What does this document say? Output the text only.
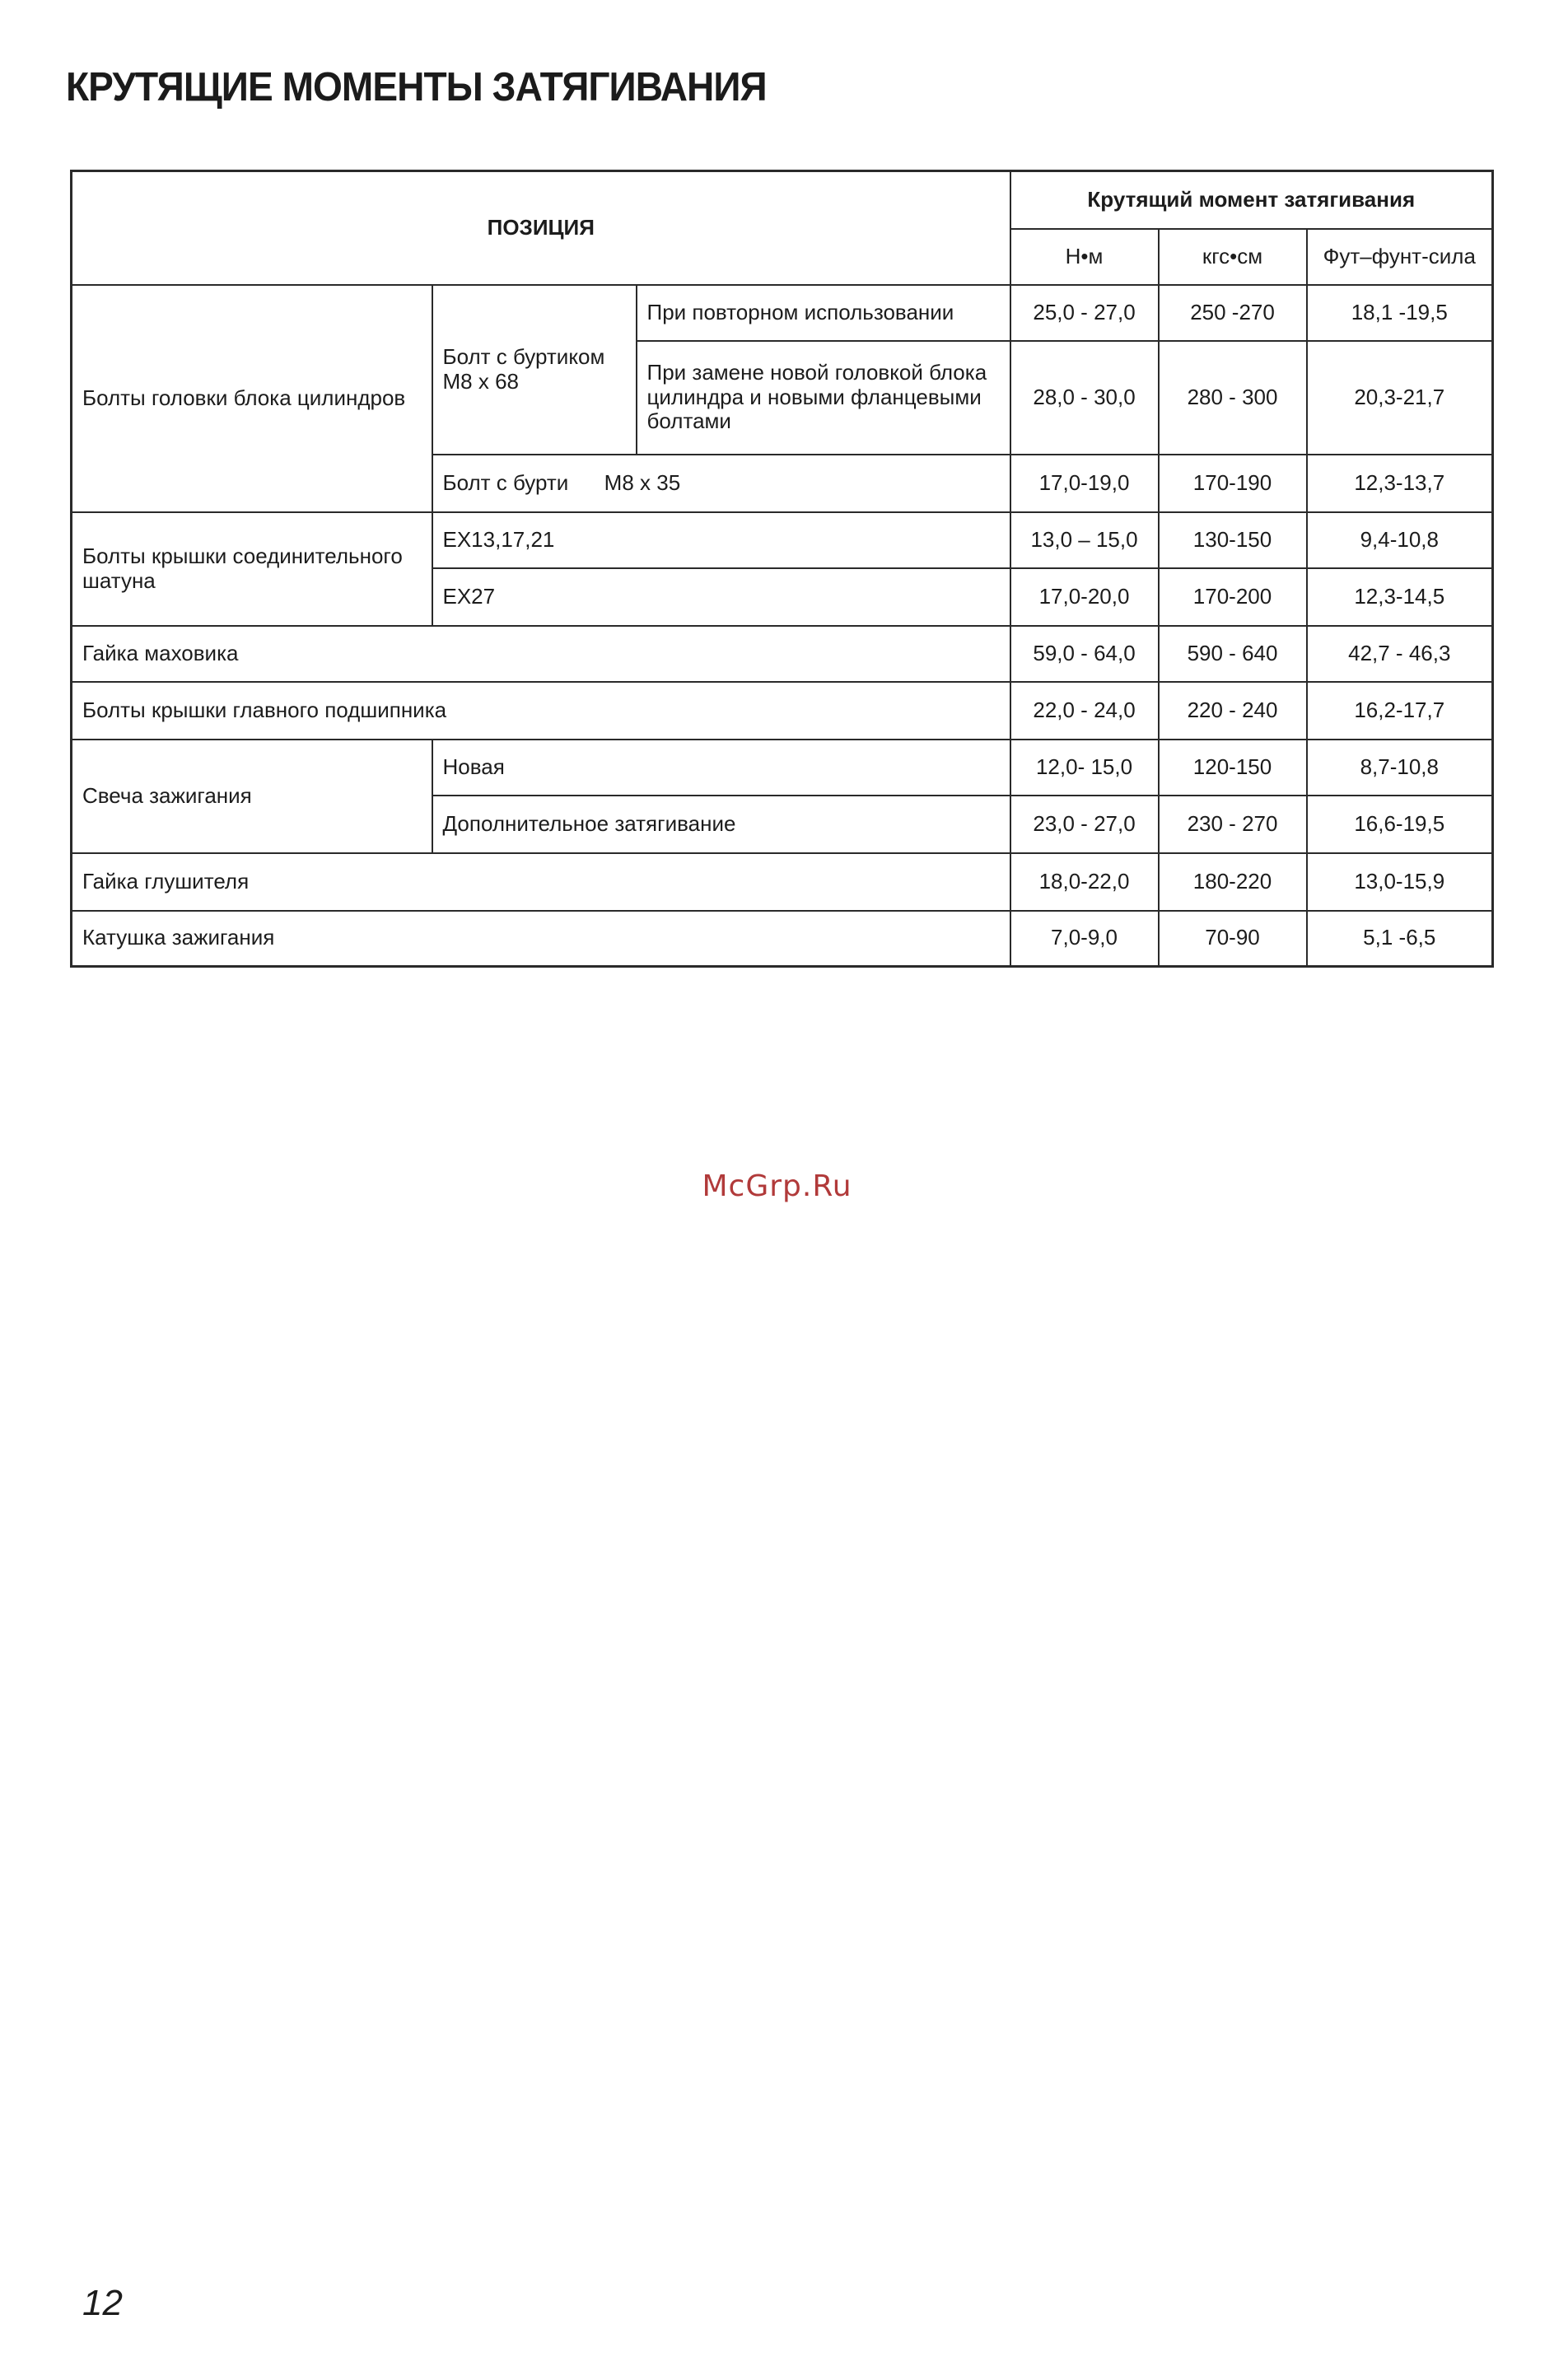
КРУТЯЩИЕ МОМЕНТЫ ЗАТЯГИВАНИЯ
ПОЗИЦИЯ			Крутящий момент затягивания		
			Н•м	кгс•см	Фут–фунт-сила
Болты головки блока цилиндров	Болт с буртиком М8 х 68	При повторном использовании	25,0 - 27,0	250 -270	18,1 -19,5
		При замене новой головкой блока цилиндра и новыми фланцевыми болтами	28,0 - 30,0	280 - 300	20,3-21,7
	Болт с бурти      М8 х 35		17,0-19,0	170-190	12,3-13,7
Болты крышки соединительного шатуна	ЕХ13,17,21		13,0 – 15,0	130-150	9,4-10,8
	ЕХ27		17,0-20,0	170-200	12,3-14,5
Гайка маховика			59,0 - 64,0	590 - 640	42,7 - 46,3
Болты крышки главного подшипника			22,0 - 24,0	220 - 240	16,2-17,7
Свеча зажигания	Новая		12,0- 15,0	120-150	8,7-10,8
	Дополнительное затягивание		23,0 - 27,0	230 - 270	16,6-19,5
Гайка глушителя			18,0-22,0	180-220	13,0-15,9
Катушка зажигания			7,0-9,0	70-90	5,1 -6,5
McGrp.Ru
12
